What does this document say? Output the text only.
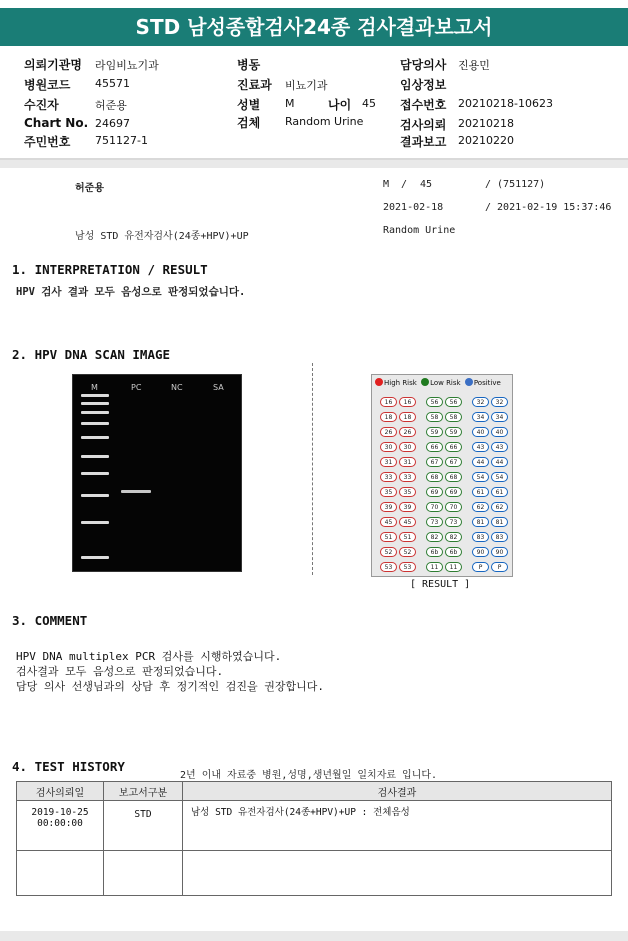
STD 남성종합검사24종 검사결과보고서
의뢰기관명 라임비뇨기과
병원코드 45571
수진자	허준용
Chart No. 24697
주민번호 751127-1
병동
진료과 비뇨기과
성별 M	나이 45
검체 Random Urine
담당의사 진용민
임상정보
접수번호 20210218-10623
검사의뢰 20210218
결과보고 20210220
허준용	M / 45	/ (751127)
2021-02-18	/ 2021-02-19 15:37:46
남성 STD 유전자검사(24종+HPV)+UP
Random Urine
1. INTERPRETATION / RESULT
HPV 검사 결과 모두 음성으로 판정되었습니다.
2. HPV DNA SCAN IMAGE
M	PC	NC	SA	High Risk Low Risk Positive
16	16	56	56	32	32
18	18	58	58	34	34
26	26	59	59	40	40
30	30	66	66	43	43
31	31	67	67	44	44
33	33	68	68	54	54
35	35	69	69	61	61
39	39	70	70	62	62
45	45	73	73	81	81
51	51	82	82	83	83
52	52	6b	6b	90	90
53	53	11	11	P	P
[ RESULT ]
3. COMMENT
HPV DNA multiplex PCR 검사를 시행하였습니다.
검사결과 모두 음성으로 판정되었습니다.
담당 의사 선생님과의 상담 후 정기적인 검진을 권장합니다.
4. TEST HISTORY
2년 이내 자료중 병원,성명,생년월일 일치자료 입니다.
검사의뢰일	보고서구분	검사결과

2019-10-25
00:00:00	STD	남성 STD 유전자검사(24종+HPV)+UP : 전체음성
